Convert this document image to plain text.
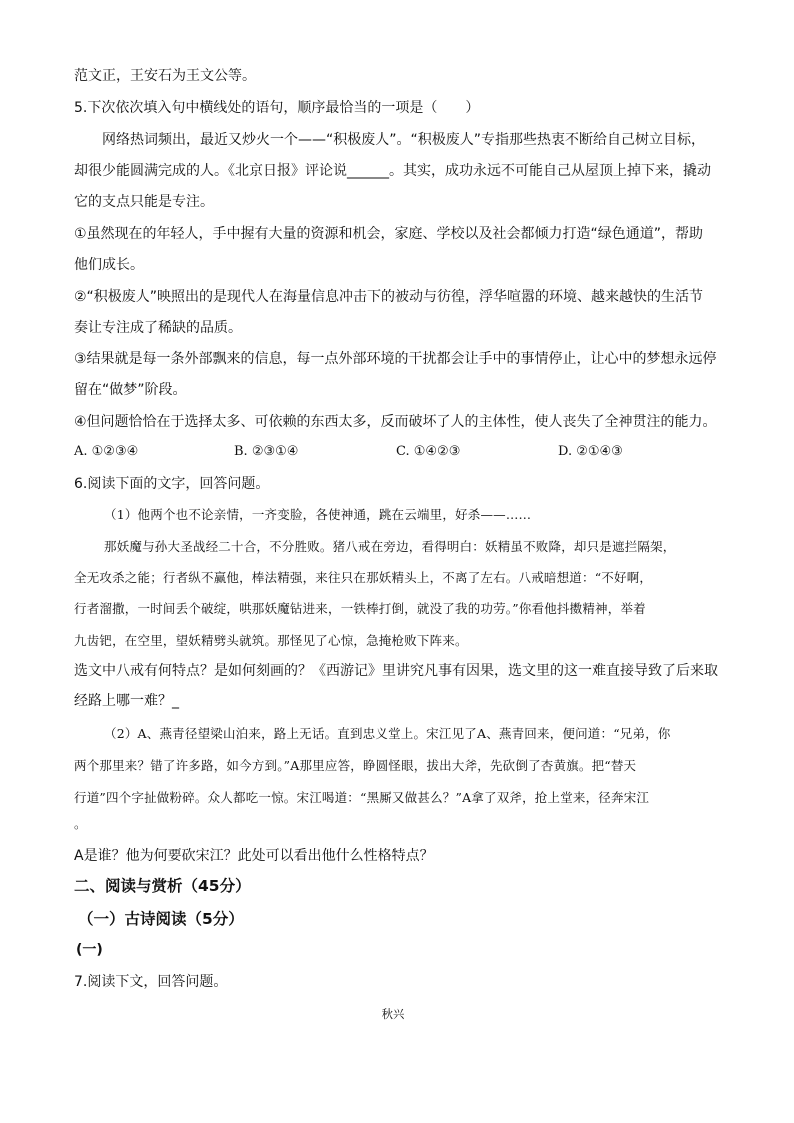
范文正，王安石为王文公等。
5.下次依次填入句中横线处的语句，顺序最恰当的一项是（　　）
网络热词频出，最近又炒火一个——“积极废人”。“积极废人”专指那些热衷不断给自己树立目标，
却很少能圆满完成的人。《北京日报》评论说______。其实，成功永远不可能自己从屋顶上掉下来，撬动
它的支点只能是专注。
①虽然现在的年轻人，手中握有大量的资源和机会，家庭、学校以及社会都倾力打造“绿色通道”，帮助
他们成长。
②“积极废人”映照出的是现代人在海量信息冲击下的被动与彷徨，浮华喧嚣的环境、越来越快的生活节
奏让专注成了稀缺的品质。
③结果就是每一条外部飘来的信息，每一点外部环境的干扰都会让手中的事情停止，让心中的梦想永远停
留在“做梦”阶段。
④但问题恰恰在于选择太多、可依赖的东西太多，反而破坏了人的主体性，使人丧失了全神贯注的能力。
A. ①②③④	B. ②③①④	C. ①④②③	D. ②①④③
6.阅读下面的文字，回答问题。
（1）他两个也不论亲情，一齐变脸，各使神通，跳在云端里，好杀——……
那妖魔与孙大圣战经二十合，不分胜败。猪八戒在旁边，看得明白：妖精虽不败降，却只是遮拦隔架，
全无攻杀之能；行者纵不赢他，棒法精强，来往只在那妖精头上，不离了左右。八戒暗想道：“不好啊，
行者溜撒，一时间丢个破绽，哄那妖魔钻进来，一铁棒打倒，就没了我的功劳。”你看他抖擞精神，举着
九齿钯，在空里，望妖精劈头就筑。那怪见了心惊，急掩枪败下阵来。
选文中八戒有何特点？是如何刻画的？《西游记》里讲究凡事有因果，选文里的这一难直接导致了后来取
经路上哪一难？_
（2）A、燕青径望梁山泊来，路上无话。直到忠义堂上。宋江见了A、燕青回来，便问道：“兄弟，你
两个那里来？错了许多路，如今方到。”A那里应答，睁圆怪眼，拔出大斧，先砍倒了杏黄旗。把“替天
行道”四个字扯做粉碎。众人都吃一惊。宋江喝道：“黑厮又做甚么？”A拿了双斧，抢上堂来，径奔宋江
。
A是谁？他为何要砍宋江？此处可以看出他什么性格特点？
二、阅读与赏析（45分）
（一）古诗阅读（5分）
(一)
7.阅读下文，回答问题。
秋兴
